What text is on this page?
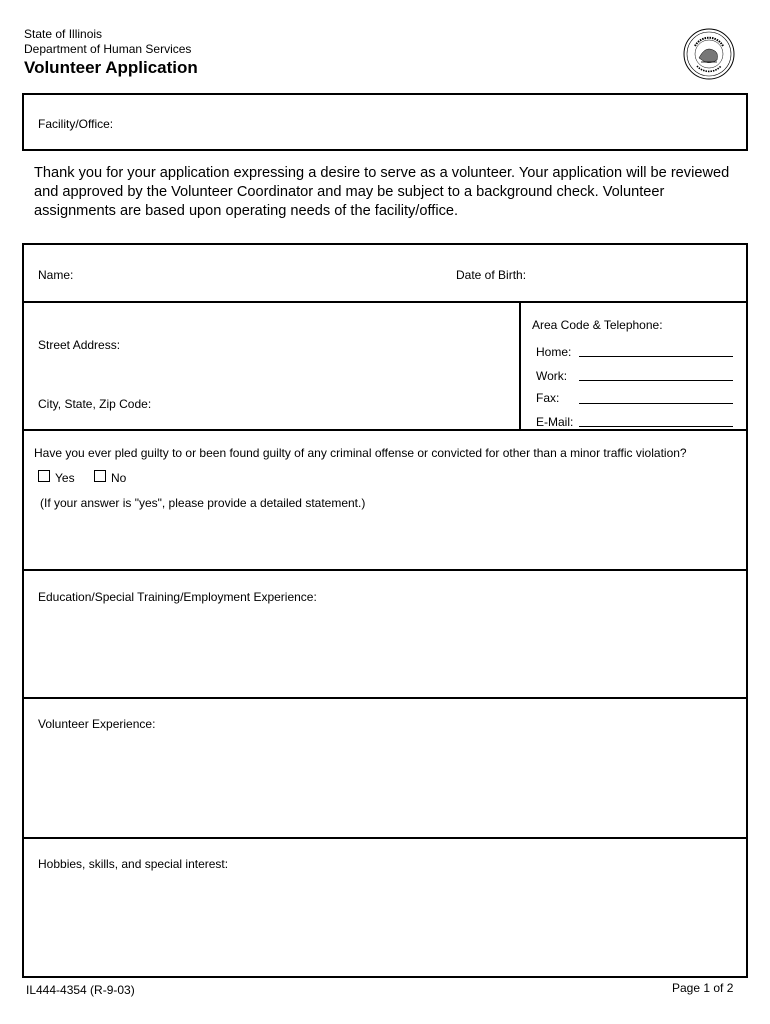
State of Illinois
Department of Human Services
Volunteer Application
Facility/Office:
Thank you for your application expressing a desire to serve as a volunteer. Your application will be reviewed and approved by the Volunteer Coordinator and may be subject to a background check. Volunteer assignments are based upon operating needs of the facility/office.
Name:	Date of Birth:
Street Address:
City, State, Zip Code:
Area Code & Telephone:
Home:
Work:
Fax:
E-Mail:
Have you ever pled guilty to or been found guilty of any criminal offense or convicted for other than a minor traffic violation?
Yes	No
(If your answer is "yes", please provide a detailed statement.)
Education/Special Training/Employment Experience:
Volunteer Experience:
Hobbies, skills, and special interest:
IL444-4354 (R-9-03)	Page 1 of 2
